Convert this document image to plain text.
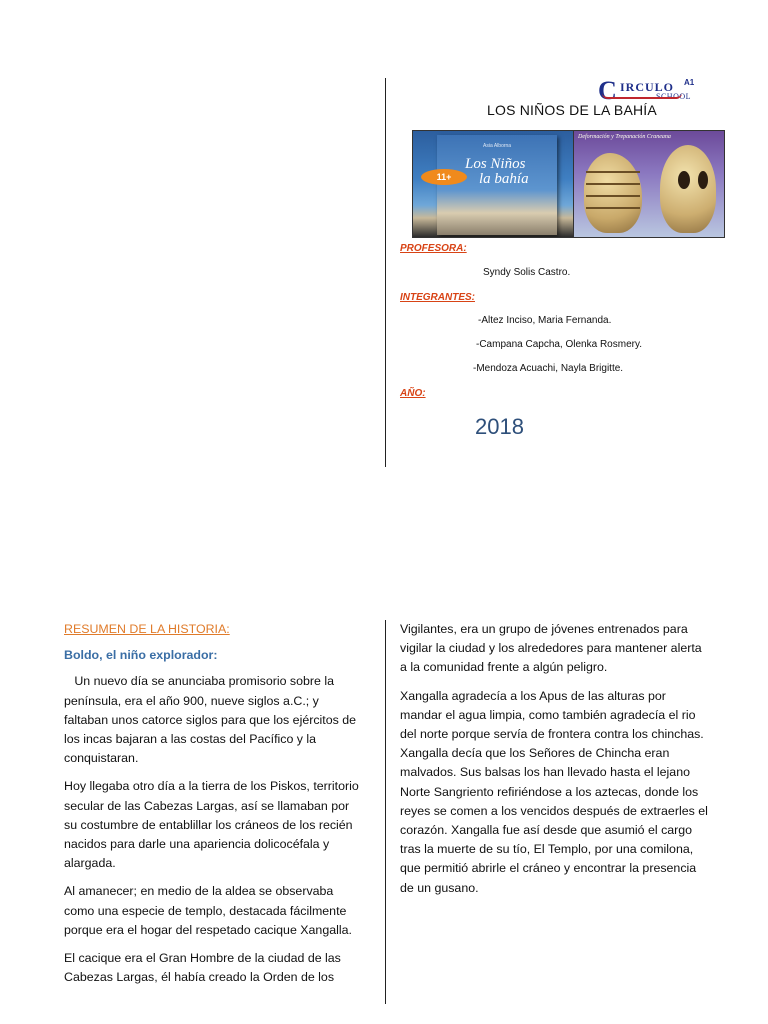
C IRCULO A1
SCHOOL
LOS NIÑOS DE LA BAHÍA
Asia Alborna
Los Niños
la bahía
11+
Deformación y Trepanación Craneana
PROFESORA:
Syndy Solis Castro.
INTEGRANTES:
-Altez Inciso, Maria Fernanda.
-Campana Capcha, Olenka Rosmery.
-Mendoza Acuachi, Nayla Brigitte.
AÑO:
2018

RESUMEN DE LA HISTORIA:

Boldo, el niño explorador:

Un nuevo día se anunciaba promisorio sobre la península, era el año 900, nueve siglos a.C.; y faltaban unos catorce siglos para que los ejércitos de los incas bajaran a las costas del Pacífico y la conquistaran.

Hoy llegaba otro día a la tierra de los Piskos, territorio secular de las Cabezas Largas, así se llamaban por su costumbre de entablillar los cráneos de los recién nacidos para darle una apariencia dolicocéfala y alargada.

Al amanecer; en medio de la aldea se observaba como una especie de templo, destacada fácilmente porque era el hogar del respetado cacique Xangalla.

El cacique era el Gran Hombre de la ciudad de las Cabezas Largas, él había creado la Orden de los

Vigilantes, era un grupo de jóvenes entrenados para vigilar la ciudad y los alrededores para mantener alerta a la comunidad frente a algún peligro.

Xangalla agradecía a los Apus de las alturas por mandar el agua limpia, como también agradecía el rio del norte porque servía de frontera contra los chinchas. Xangalla decía que los Señores de Chincha eran malvados. Sus balsas los han llevado hasta el lejano Norte Sangriento refiriéndose a los aztecas, donde los reyes se comen a los vencidos después de extraerles el corazón. Xangalla fue así desde que asumió el cargo tras la muerte de su tío, El Templo, por una comilona, que permitió abrirle el cráneo y encontrar la presencia de un gusano.
